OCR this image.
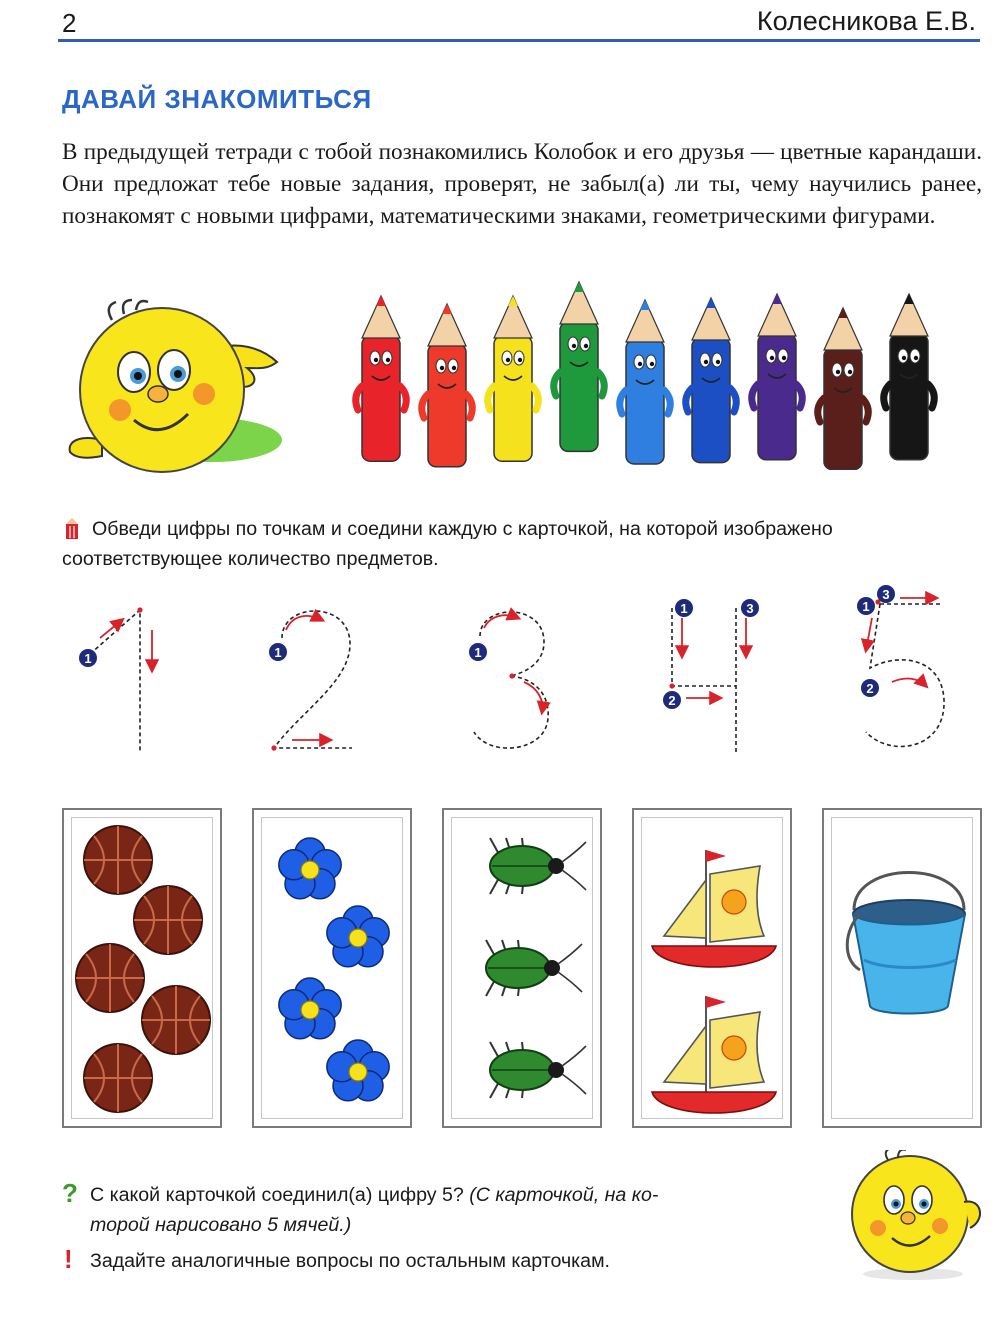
2	Колесникова Е.В.
ДАВАЙ ЗНАКОМИТЬСЯ

В предыдущей тетради с тобой познакомились Колобок и его друзья — цветные карандаши. Они предложат тебе новые задания, проверят, не забыл(а) ли ты, чему научились ранее, познакомят с новыми цифрами, математическими знаками, геометрическими фигурами.

Обведи цифры по точкам и соедини каждую с карточкой, на которой изображено
соответствующее количество предметов.
1	1	1
1
2
3	1
2
3
? С какой карточкой соединил(а) цифру 5? (С карточкой, на ко-
торой нарисовано 5 мячей.)
! Задайте аналогичные вопросы по остальным карточкам.
